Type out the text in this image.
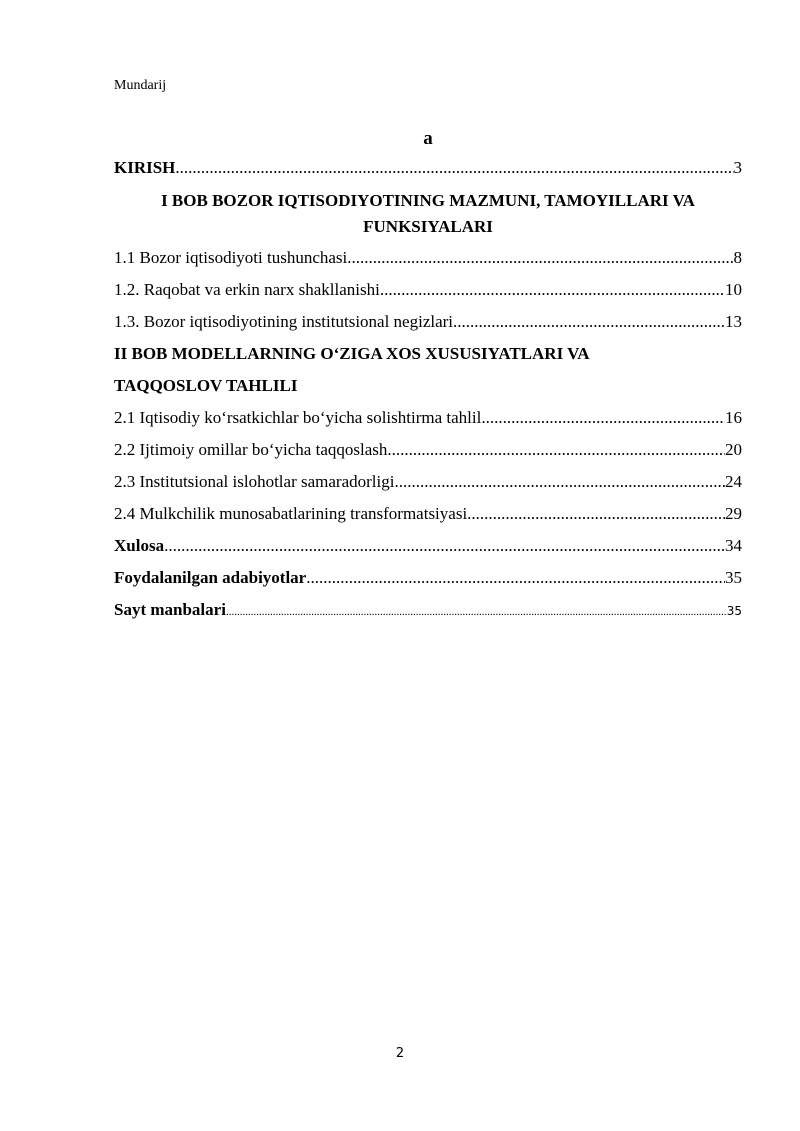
Mundarij
a
KIRISH .....	3
I BOB BOZOR IQTISODIYOTINING MAZMUNI, TAMOYILLARI VA
FUNKSIYALARI
1.1 Bozor iqtisodiyoti tushunchasi .....	8
1.2. Raqobat va erkin narx shakllanishi .....	10
1.3. Bozor iqtisodiyotining institutsional negizlari .....	13
II BOB MODELLARNING O‘ZIGA XOS XUSUSIYATLARI VA
TAQQOSLOV TAHLILI
2.1 Iqtisodiy ko‘rsatkichlar bo‘yicha solishtirma tahlil .....	16
2.2 Ijtimoiy omillar bo‘yicha taqqoslash .....	20
2.3 Institutsional islohotlar samaradorligi .....	24
2.4 Mulkchilik munosabatlarining transformatsiyasi .....	29
Xulosa .....	34
Foydalanilgan adabiyotlar .....	35
Sayt manbalari .....	35
2
